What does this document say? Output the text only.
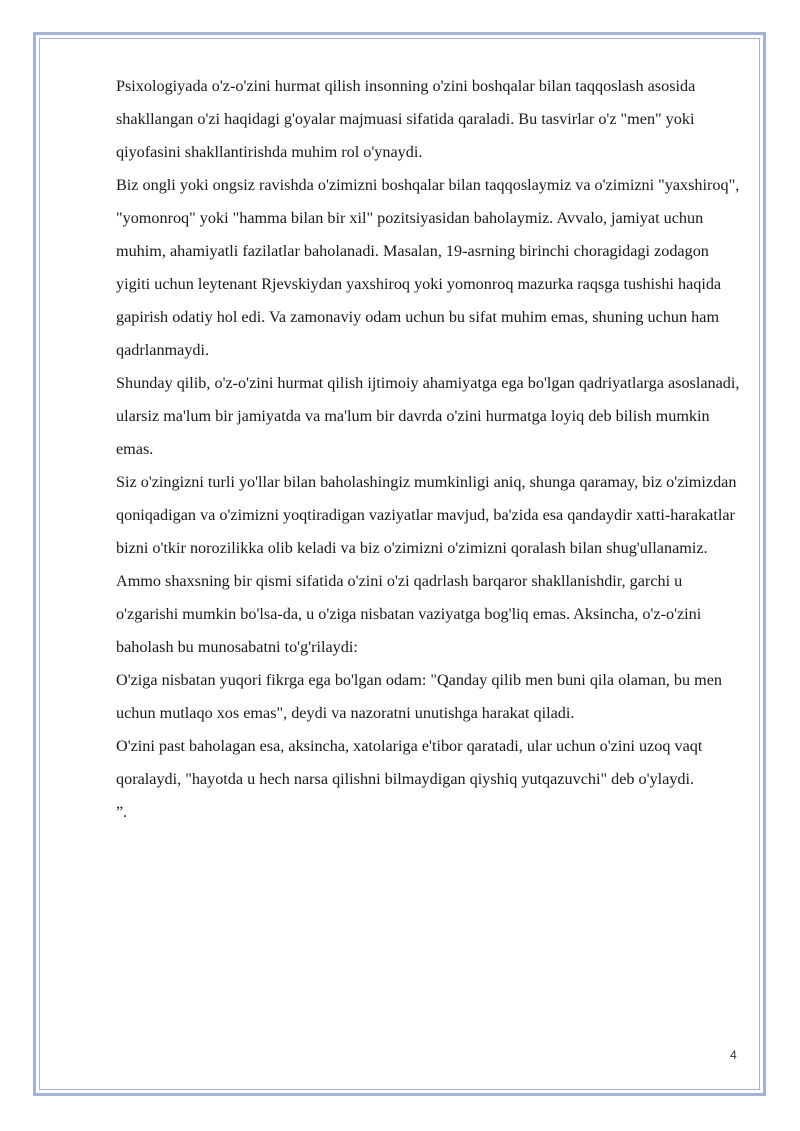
Psixologiyada o'z-o'zini hurmat qilish insonning o'zini boshqalar bilan taqqoslash asosida shakllangan o'zi haqidagi g'oyalar majmuasi sifatida qaraladi. Bu tasvirlar o'z "men" yoki qiyofasini shakllantirishda muhim rol o'ynaydi.

Biz ongli yoki ongsiz ravishda o'zimizni boshqalar bilan taqqoslaymiz va o'zimizni "yaxshiroq", "yomonroq" yoki "hamma bilan bir xil" pozitsiyasidan baholaymiz. Avvalo, jamiyat uchun muhim, ahamiyatli fazilatlar baholanadi. Masalan, 19-asrning birinchi choragidagi zodagon yigiti uchun leytenant Rjevskiydan yaxshiroq yoki yomonroq mazurka raqsga tushishi haqida gapirish odatiy hol edi. Va zamonaviy odam uchun bu sifat muhim emas, shuning uchun ham qadrlanmaydi.

Shunday qilib, o'z-o'zini hurmat qilish ijtimoiy ahamiyatga ega bo'lgan qadriyatlarga asoslanadi, ularsiz ma'lum bir jamiyatda va ma'lum bir davrda o'zini hurmatga loyiq deb bilish mumkin emas.

Siz o'zingizni turli yo'llar bilan baholashingiz mumkinligi aniq, shunga qaramay, biz o'zimizdan qoniqadigan va o'zimizni yoqtiradigan vaziyatlar mavjud, ba'zida esa qandaydir xatti-harakatlar bizni o'tkir norozilikka olib keladi va biz o'zimizni o'zimizni qoralash bilan shug'ullanamiz. Ammo shaxsning bir qismi sifatida o'zini o'zi qadrlash barqaror shakllanishdir, garchi u o'zgarishi mumkin bo'lsa-da, u o'ziga nisbatan vaziyatga bog'liq emas. Aksincha, o'z-o'zini baholash bu munosabatni to'g'rilaydi:

O'ziga nisbatan yuqori fikrga ega bo'lgan odam: "Qanday qilib men buni qila olaman, bu men uchun mutlaqo xos emas", deydi va nazoratni unutishga harakat qiladi.

O'zini past baholagan esa, aksincha, xatolariga e'tibor qaratadi, ular uchun o'zini uzoq vaqt qoralaydi, "hayotda u hech narsa qilishni bilmaydigan qiyshiq yutqazuvchi" deb o'ylaydi.

”.

4
